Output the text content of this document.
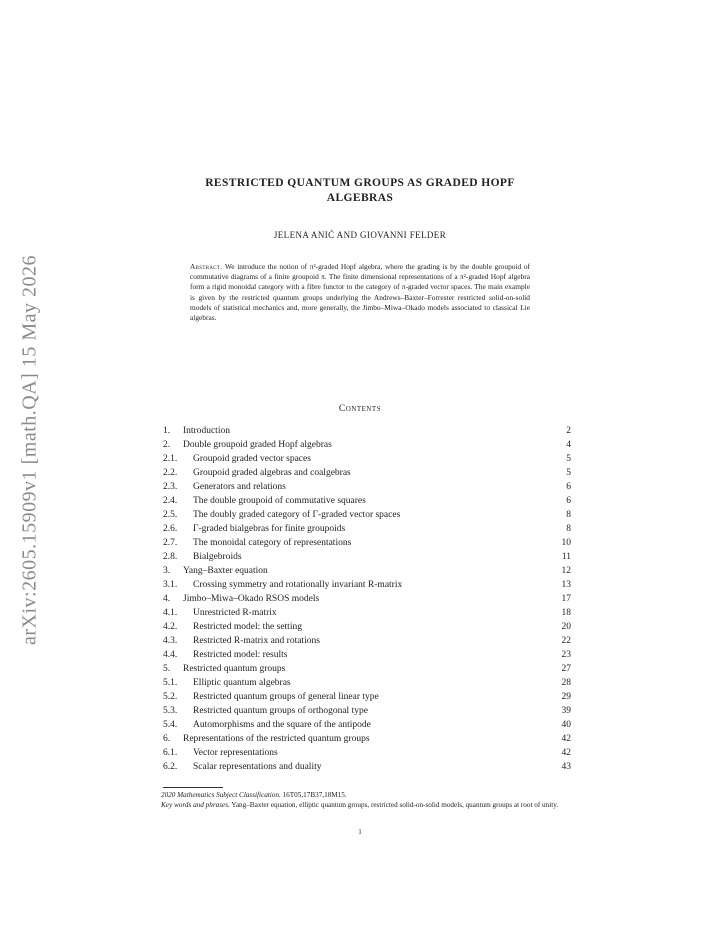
arXiv:2605.15909v1 [math.QA] 15 May 2026
RESTRICTED QUANTUM GROUPS AS GRADED HOPF
ALGEBRAS
JELENA ANIĆ AND GIOVANNI FELDER
Abstract. We introduce the notion of π²-graded Hopf algebra, where the grading is by the double groupoid of commutative diagrams of a finite groupoid π. The finite dimensional representations of a π²-graded Hopf algebra form a rigid monoidal category with a fibre functor to the category of π-graded vector spaces. The main example is given by the restricted quantum groups underlying the Andrews–Baxter–Forrester restricted solid-on-solid models of statistical mechanics and, more generally, the Jimbo–Miwa–Okado models associated to classical Lie algebras.
Contents
1. Introduction	2
2. Double groupoid graded Hopf algebras	4
2.1. Groupoid graded vector spaces	5
2.2. Groupoid graded algebras and coalgebras	5
2.3. Generators and relations	6
2.4. The double groupoid of commutative squares	6
2.5. The doubly graded category of Γ-graded vector spaces	8
2.6. Γ-graded bialgebras for finite groupoids	8
2.7. The monoidal category of representations	10
2.8. Bialgebroids	11
3. Yang–Baxter equation	12
3.1. Crossing symmetry and rotationally invariant R-matrix	13
4. Jimbo–Miwa–Okado RSOS models	17
4.1. Unrestricted R-matrix	18
4.2. Restricted model: the setting	20
4.3. Restricted R-matrix and rotations	22
4.4. Restricted model: results	23
5. Restricted quantum groups	27
5.1. Elliptic quantum algebras	28
5.2. Restricted quantum groups of general linear type	29
5.3. Restricted quantum groups of orthogonal type	39
5.4. Automorphisms and the square of the antipode	40
6. Representations of the restricted quantum groups	42
6.1. Vector representations	42
6.2. Scalar representations and duality	43
2020 Mathematics Subject Classification. 16T05,17B37,18M15.
Key words and phrases. Yang–Baxter equation, elliptic quantum groups, restricted solid-on-solid models, quantum groups at root of unity.
1
